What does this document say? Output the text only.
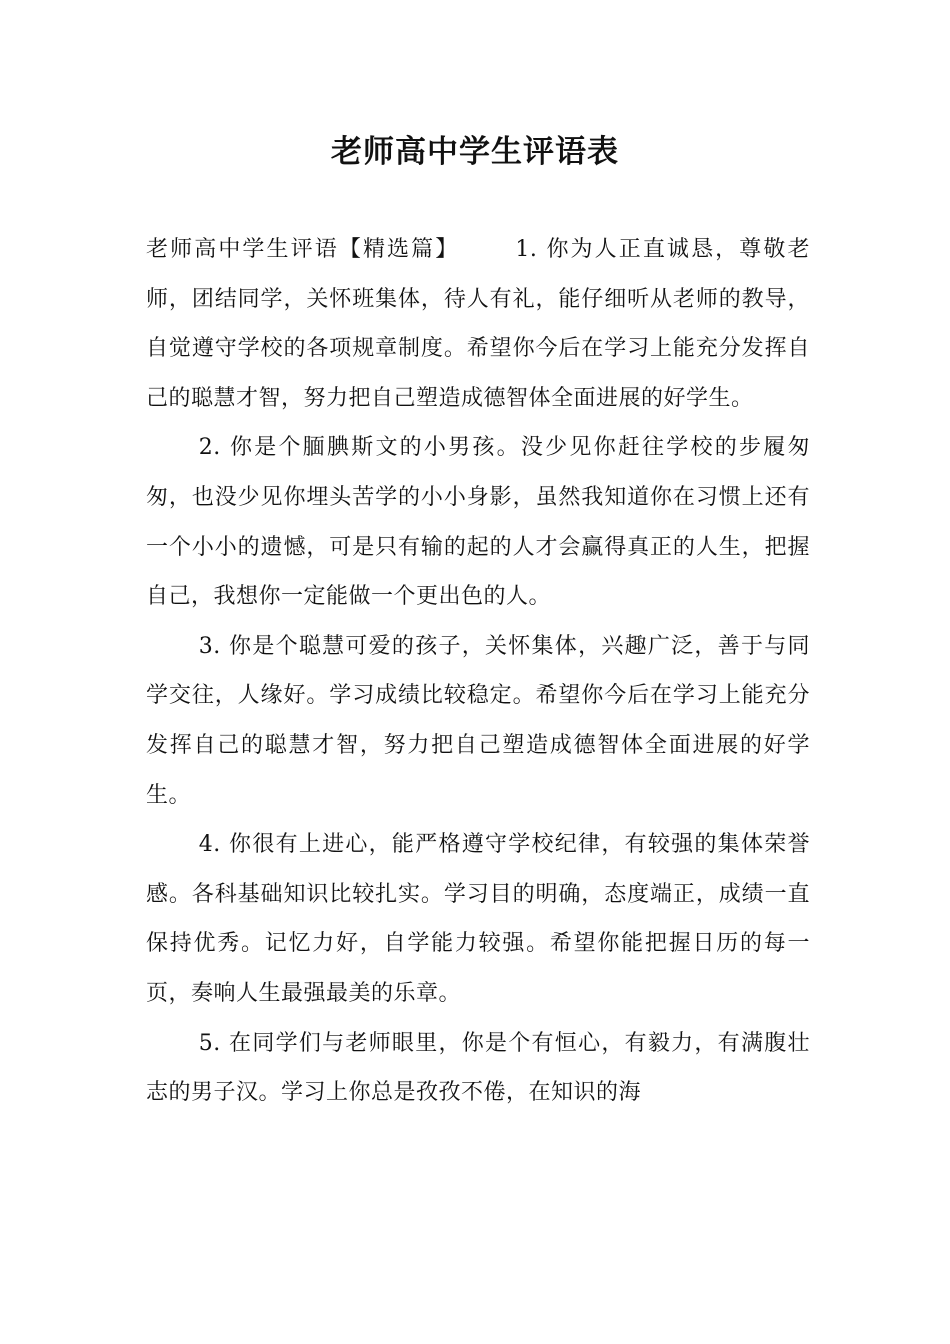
老师高中学生评语表

老师高中学生评语【精选篇】	1. 你为人正直诚恳，尊敬老师，团结同学，关怀班集体，待人有礼，能仔细听从老师的教导，自觉遵守学校的各项规章制度。希望你今后在学习上能充分发挥自己的聪慧才智，努力把自己塑造成德智体全面进展的好学生。

2. 你是个腼腆斯文的小男孩。没少见你赶往学校的步履匆匆，也没少见你埋头苦学的小小身影，虽然我知道你在习惯上还有一个小小的遗憾，可是只有输的起的人才会赢得真正的人生，把握自己，我想你一定能做一个更出色的人。

3. 你是个聪慧可爱的孩子，关怀集体，兴趣广泛，善于与同学交往，人缘好。学习成绩比较稳定。希望你今后在学习上能充分发挥自己的聪慧才智，努力把自己塑造成德智体全面进展的好学生。

4. 你很有上进心，能严格遵守学校纪律，有较强的集体荣誉感。各科基础知识比较扎实。学习目的明确，态度端正，成绩一直保持优秀。记忆力好，自学能力较强。希望你能把握日历的每一页，奏响人生最强最美的乐章。

5. 在同学们与老师眼里，你是个有恒心，有毅力，有满腹壮志的男子汉。学习上你总是孜孜不倦，在知识的海
